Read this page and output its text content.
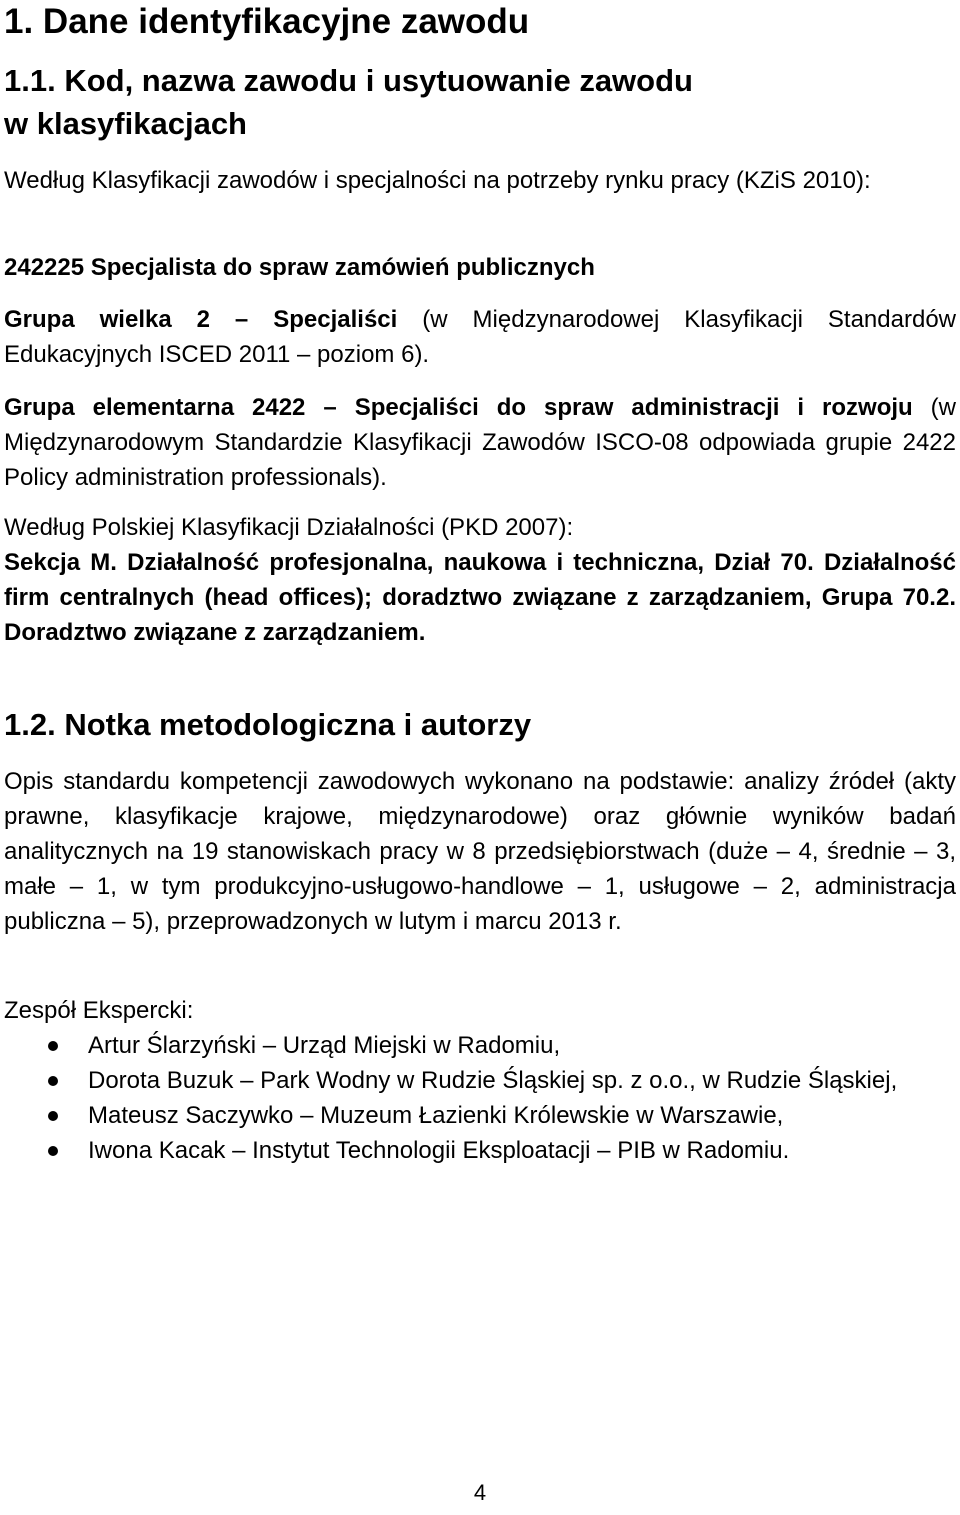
1. Dane identyfikacyjne zawodu
1.1. Kod, nazwa zawodu i usytuowanie zawodu
w klasyfikacjach
Według Klasyfikacji zawodów i specjalności na potrzeby rynku pracy (KZiS 2010):
242225 Specjalista do spraw zamówień publicznych
Grupa wielka 2 – Specjaliści (w Międzynarodowej Klasyfikacji Standardów Edukacyjnych ISCED 2011 – poziom 6).
Grupa elementarna 2422 – Specjaliści do spraw administracji i rozwoju (w Międzynarodowym Standardzie Klasyfikacji Zawodów ISCO-08 odpowiada grupie 2422 Policy administration professionals).
Według Polskiej Klasyfikacji Działalności (PKD 2007):
Sekcja M. Działalność profesjonalna, naukowa i techniczna, Dział 70. Działalność firm centralnych (head offices); doradztwo związane z zarządzaniem, Grupa 70.2. Doradztwo związane z zarządzaniem.
1.2. Notka metodologiczna i autorzy
Opis standardu kompetencji zawodowych wykonano na podstawie: analizy źródeł (akty prawne, klasyfikacje krajowe, międzynarodowe) oraz głównie wyników badań analitycznych na 19 stanowiskach pracy w 8 przedsiębiorstwach (duże – 4, średnie – 3, małe – 1, w tym produkcyjno-usługowo-handlowe – 1, usługowe – 2, administracja publiczna – 5), przeprowadzonych w lutym i marcu 2013 r.
Zespół Ekspercki:
Artur Ślarzyński – Urząd Miejski w Radomiu,
Dorota Buzuk – Park Wodny w Rudzie Śląskiej sp. z o.o., w Rudzie Śląskiej,
Mateusz Saczywko – Muzeum Łazienki Królewskie w Warszawie,
Iwona Kacak – Instytut Technologii Eksploatacji – PIB w Radomiu.
4
